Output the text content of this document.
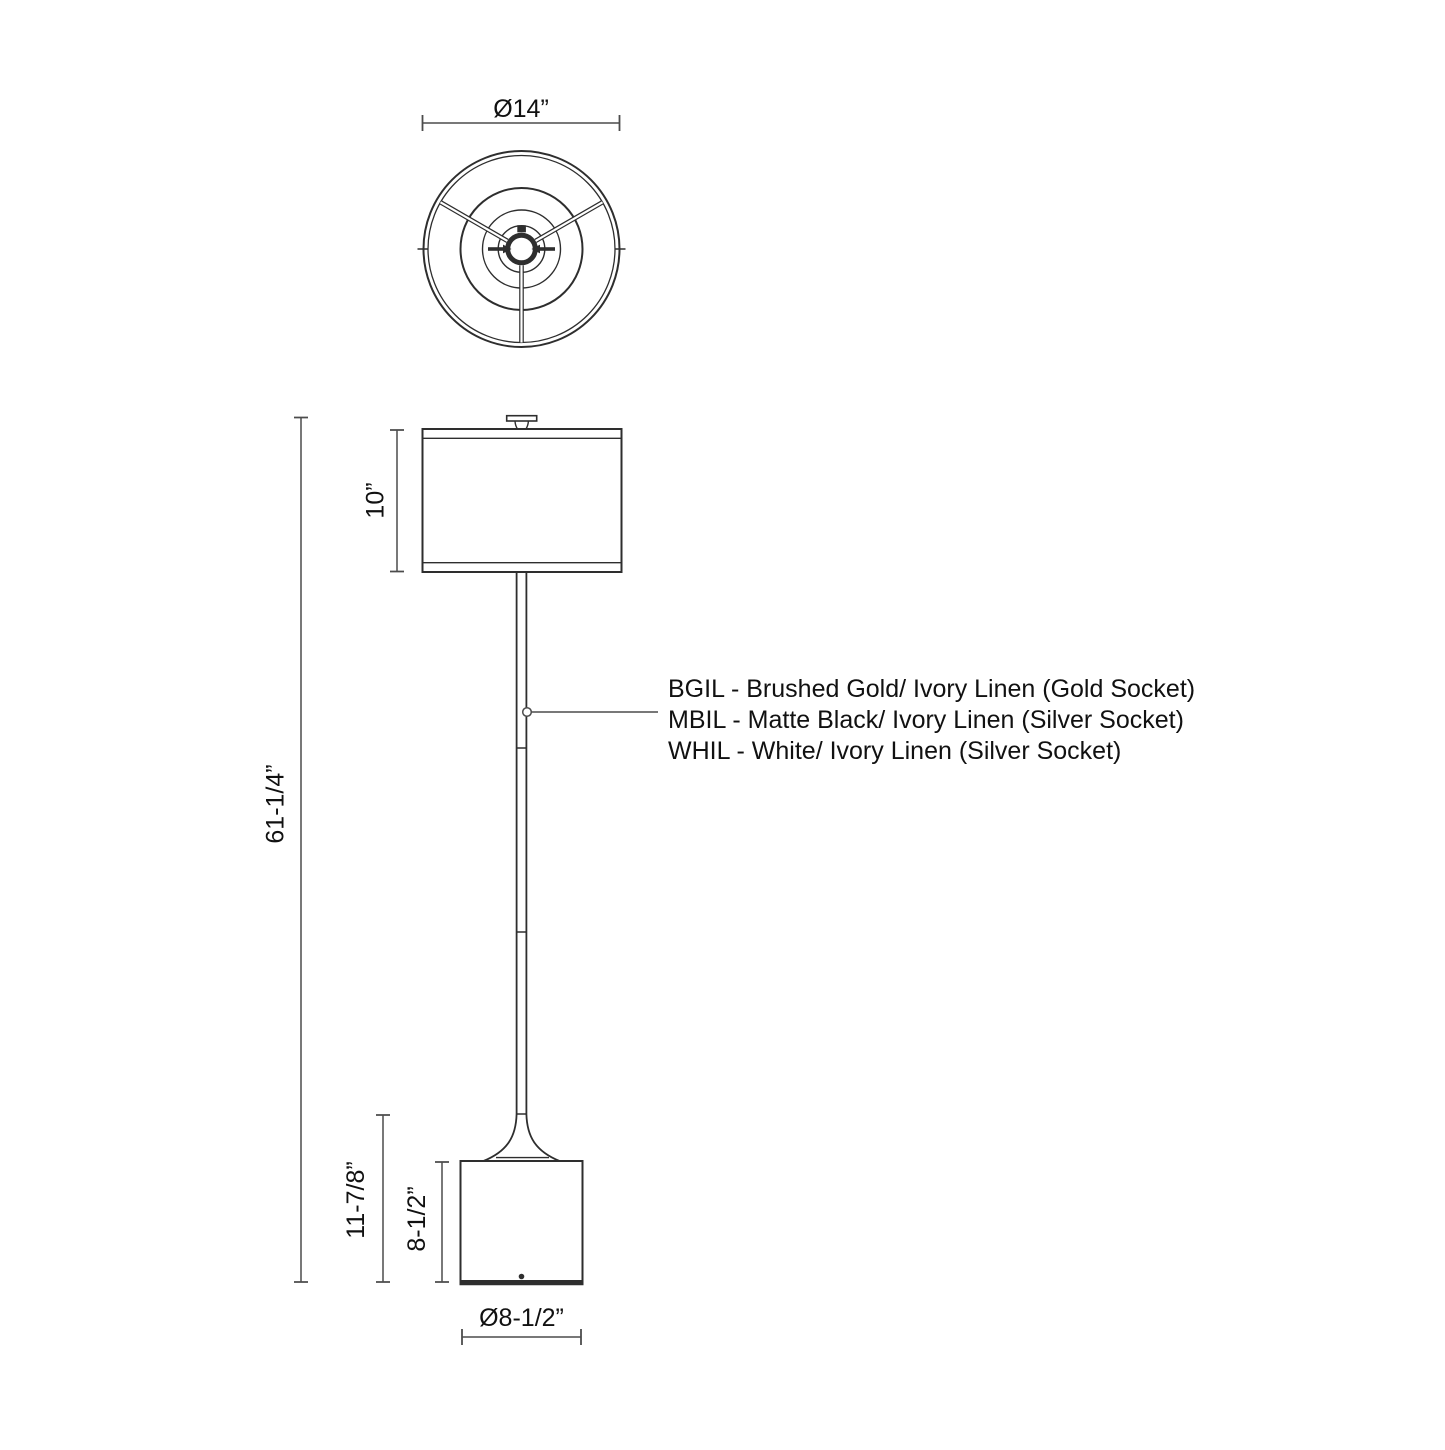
Ø14”
10”
61-1/4”
11-7/8” 8-1/2”
Ø8-1/2”
BGIL - Brushed Gold/ Ivory Linen (Gold Socket)
MBIL - Matte Black/ Ivory Linen (Silver Socket)
WHIL - White/ Ivory Linen (Silver Socket)
